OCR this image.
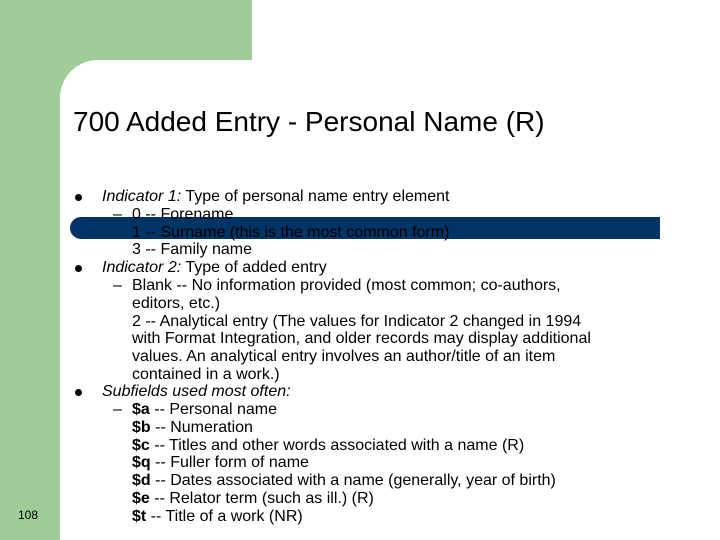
700 Added Entry - Personal Name (R)
108
Indicator 1: Type of personal name entry element
– 0 -- Forename
1 -- Surname (this is the most common form)
3 -- Family name
Indicator 2: Type of added entry
– Blank -- No information provided (most common; co-authors,
editors, etc.)
2 -- Analytical entry (The values for Indicator 2 changed in 1994
with Format Integration, and older records may display additional
values. An analytical entry involves an author/title of an item
contained in a work.)
Subfields used most often:
– $a -- Personal name
$b -- Numeration
$c -- Titles and other words associated with a name (R)
$q -- Fuller form of name
$d -- Dates associated with a name (generally, year of birth)
$e -- Relator term (such as ill.) (R)
$t -- Title of a work (NR)
